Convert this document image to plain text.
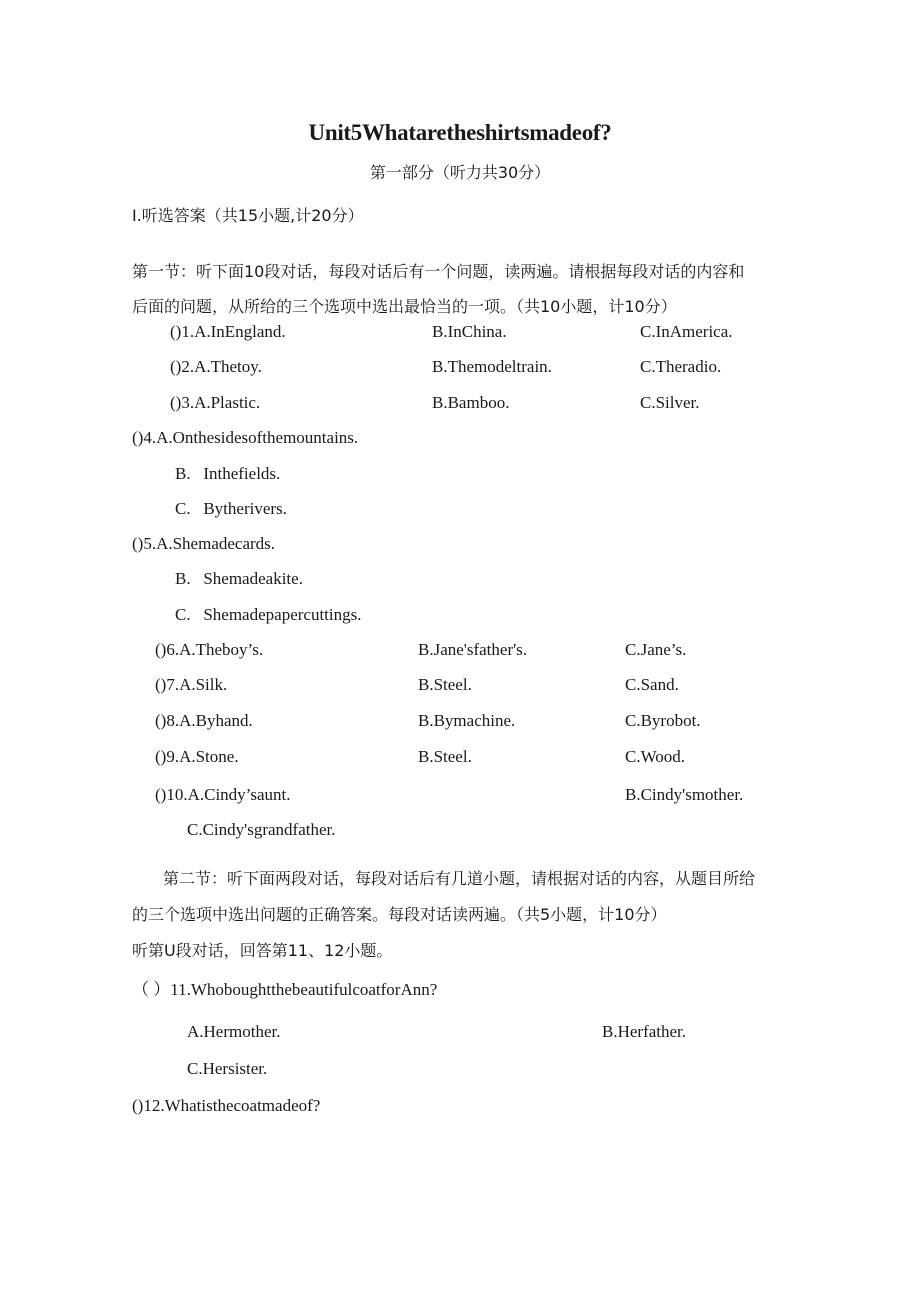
Unit5Whataretheshirtsmadeof?
第一部分（听力共30分）
I.听选答案（共15小题,计20分）
第一节：听下面10段对话，每段对话后有一个问题，读两遍。请根据每段对话的内容和
后面的问题，从所给的三个选项中选出最恰当的一项。（共10小题，计10分）
()1.A.InEngland.	B.InChina.	C.InAmerica.
()2.A.Thetoy.	B.Themodeltrain.	C.Theradio.
()3.A.Plastic.	B.Bamboo.	C.Silver.
()4.A.Onthesidesofthemountains.
B.   Inthefields.
C.   Bytherivers.
()5.A.Shemadecards.
B.   Shemadeakite.
C.   Shemadepapercuttings.
()6.A.Theboy’s.	B.Jane'sfather's.	C.Jane’s.
()7.A.Silk.	B.Steel.	C.Sand.
()8.A.Byhand.	B.Bymachine.	C.Byrobot.
()9.A.Stone.	B.Steel.	C.Wood.
()10.A.Cindy’saunt.	B.Cindy'smother.
C.Cindy'sgrandfather.
第二节：听下面两段对话，每段对话后有几道小题，请根据对话的内容，从题目所给
的三个选项中选出问题的正确答案。每段对话读两遍。（共5小题，计10分）
听第U段对话，回答第11、12小题。
（ ）11.WhoboughtthebeautifulcoatforAnn?
A.Hermother.	B.Herfather.
C.Hersister.
()12.Whatisthecoatmadeof?
